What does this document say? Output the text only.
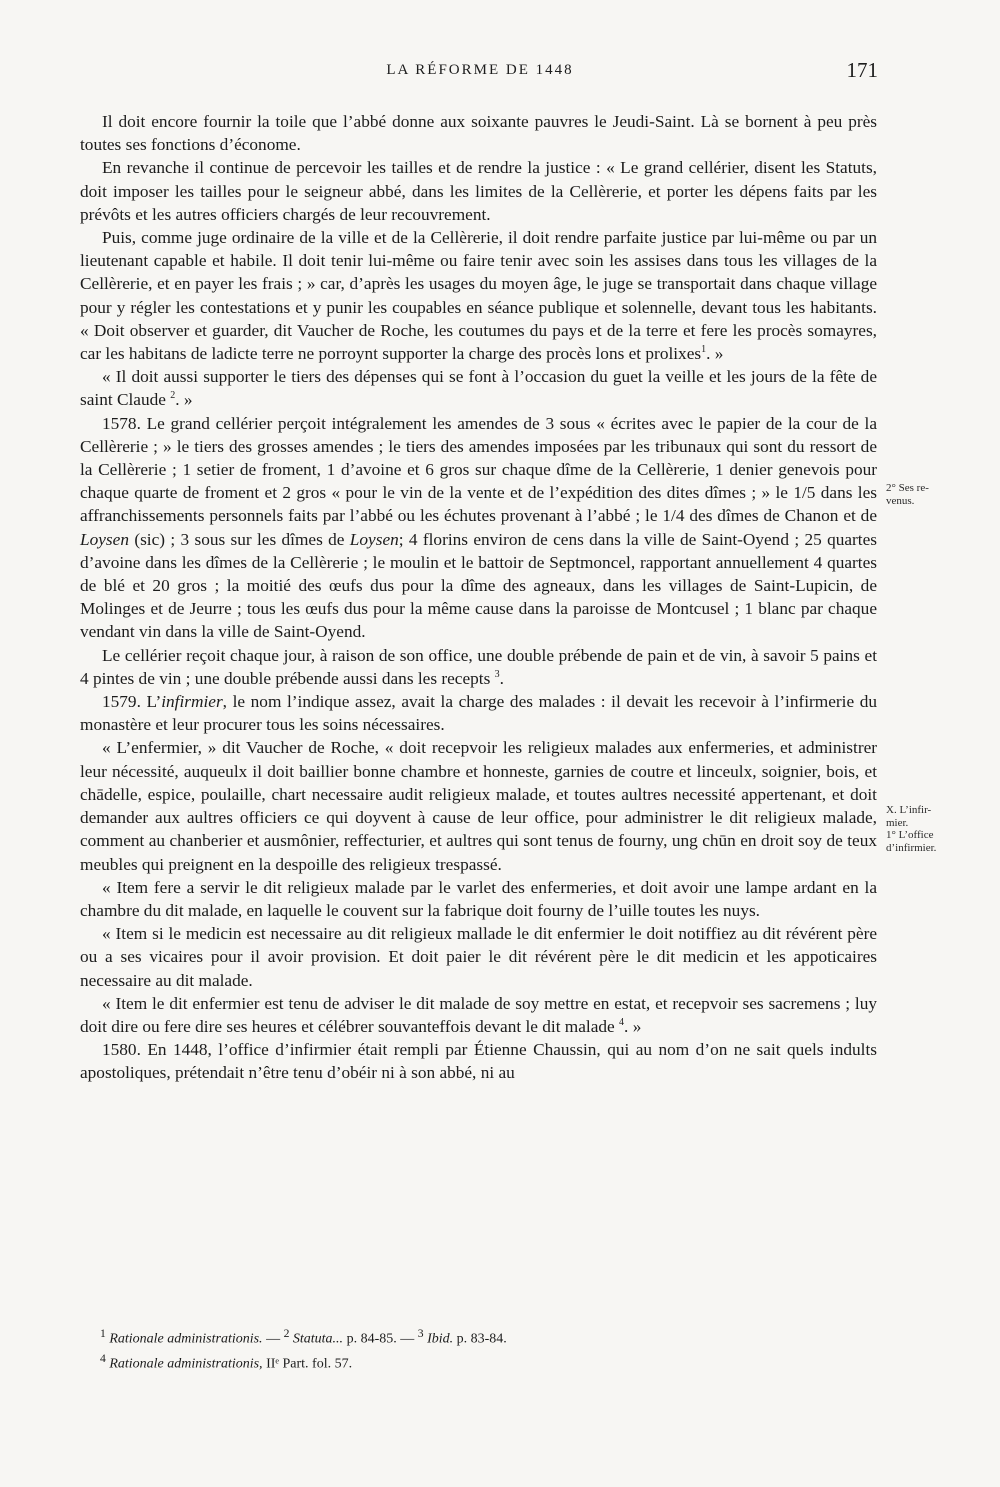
LA RÉFORME DE 1448	171

Il doit encore fournir la toile que l’abbé donne aux soixante pauvres le Jeudi-Saint. Là se bornent à peu près toutes ses fonctions d’économe.

En revanche il continue de percevoir les tailles et de rendre la justice : « Le grand cellérier, disent les Statuts, doit imposer les tailles pour le seigneur abbé, dans les limites de la Cellèrerie, et porter les dépens faits par les prévôts et les autres officiers chargés de leur recouvrement.

Puis, comme juge ordinaire de la ville et de la Cellèrerie, il doit rendre parfaite justice par lui-même ou par un lieutenant capable et habile. Il doit tenir lui-même ou faire tenir avec soin les assises dans tous les villages de la Cellèrerie, et en payer les frais ; » car, d’après les usages du moyen âge, le juge se transportait dans chaque village pour y régler les contestations et y punir les coupables en séance publique et solennelle, devant tous les habitants. « Doit observer et guarder, dit Vaucher de Roche, les coutumes du pays et de la terre et fere les procès somayres, car les habitans de ladicte terre ne porroynt supporter la charge des procès lons et prolixes$^1$. »

« Il doit aussi supporter le tiers des dépenses qui se font à l’occasion du guet la veille et les jours de la fête de saint Claude $^2$. »

1578. Le grand cellérier perçoit intégralement les amendes de 3 sous « écrites avec le papier de la cour de la Cellèrerie ; » le tiers des grosses amendes ; le tiers des amendes imposées par les tribunaux qui sont du ressort de la Cellèrerie ; 1 setier de froment, 1 d’avoine et 6 gros sur chaque dîme de la Cellèrerie, 1 denier genevois pour chaque quarte de froment et 2 gros « pour le vin de la vente et de l’expédition des dites dîmes ; » le 1/5 dans les affranchissements personnels faits par l’abbé ou les échutes provenant à l’abbé ; le 1/4 des dîmes de Chanon et de Loysen (sic) ; 3 sous sur les dîmes de Loysen; 4 florins environ de cens dans la ville de Saint-Oyend ; 25 quartes d’avoine dans les dîmes de la Cellèrerie ; le moulin et le battoir de Septmoncel, rapportant annuellement 4 quartes de blé et 20 gros ; la moitié des œufs dus pour la dîme des agneaux, dans les villages de Saint-Lupicin, de Molinges et de Jeurre ; tous les œufs dus pour la même cause dans la paroisse de Montcusel ; 1 blanc par chaque vendant vin dans la ville de Saint-Oyend.

Le cellérier reçoit chaque jour, à raison de son office, une double prébende de pain et de vin, à savoir 5 pains et 4 pintes de vin ; une double prébende aussi dans les recepts $^3$.

1579. L’infirmier, le nom l’indique assez, avait la charge des malades : il devait les recevoir à l’infirmerie du monastère et leur procurer tous les soins nécessaires.

« L’enfermier, » dit Vaucher de Roche, « doit recepvoir les religieux malades aux enfermeries, et administrer leur nécessité, auqueulx il doit baillier bonne chambre et honneste, garnies de coutre et linceulx, soignier, bois, et chādelle, espice, poulaille, chart necessaire audit religieux malade, et toutes aultres necessité appertenant, et doit demander aux aultres officiers ce qui doyvent à cause de leur office, pour administrer le dit religieux malade, comment au chanberier et ausmônier, reffecturier, et aultres qui sont tenus de fourny, ung chūn en droit soy de teux meubles qui preignent en la despoille des religieux trespassé.

« Item fere a servir le dit religieux malade par le varlet des enfermeries, et doit avoir une lampe ardant en la chambre du dit malade, en laquelle le couvent sur la fabrique doit fourny de l’uille toutes les nuys.

« Item si le medicin est necessaire au dit religieux mallade le dit enfermier le doit notiffiez au dit révérent père ou a ses vicaires pour il avoir provision. Et doit paier le dit révérent père le dit medicin et les appoticaires necessaire au dit malade.

« Item le dit enfermier est tenu de adviser le dit malade de soy mettre en estat, et recepvoir ses sacremens ; luy doit dire ou fere dire ses heures et célébrer souvanteffois devant le dit malade $^4$. »

1580. En 1448, l’office d’infirmier était rempli par Étienne Chaussin, qui au nom d’on ne sait quels indults apostoliques, prétendait n’être tenu d’obéir ni à son abbé, ni au

2° Ses re-
venus.
X. L’infir-
mier.
1° L’office
d’infirmier.
$^1$ Rationale administrationis. — $^2$ Statuta... p. 84-85. — $^3$ Ibid. p. 83-84.
$^4$ Rationale administrationis, IIᵉ Part. fol. 57.
